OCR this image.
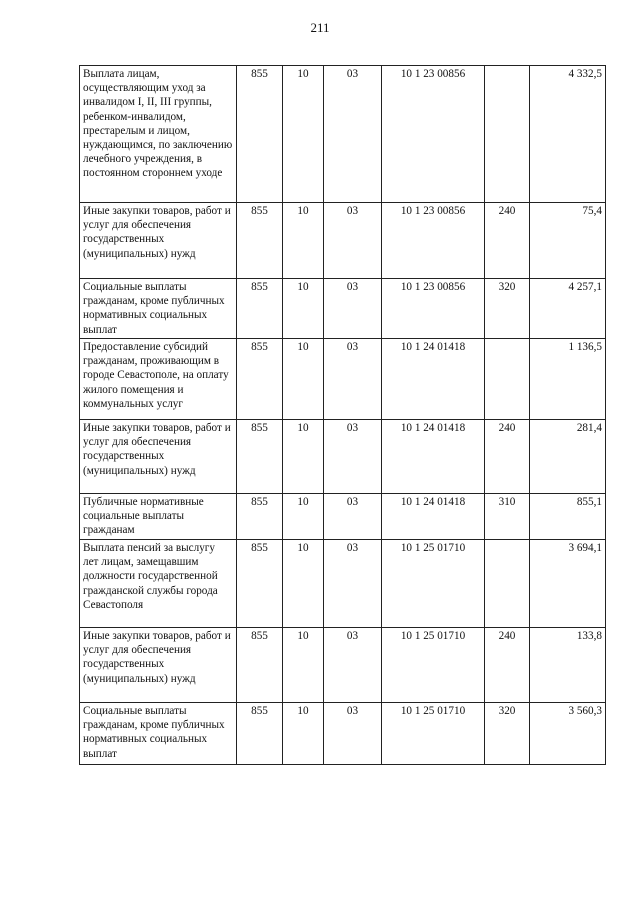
211
Выплата лицам, осуществляющим уход за инвалидом I, II, III группы, ребенком-инвалидом, престарелым и лицом, нуждающимся, по заключению лечебного учреждения, в постоянном стороннем уходе	855	10	03	10 1 23 00856		4 332,5
Иные закупки товаров, работ и услуг для обеспечения государственных (муниципальных) нужд	855	10	03	10 1 23 00856	240	75,4
Социальные выплаты гражданам, кроме публичных нормативных социальных выплат	855	10	03	10 1 23 00856	320	4 257,1
Предоставление субсидий гражданам, проживающим в городе Севастополе, на оплату жилого помещения и коммунальных услуг	855	10	03	10 1 24 01418		1 136,5
Иные закупки товаров, работ и услуг для обеспечения государственных (муниципальных) нужд	855	10	03	10 1 24 01418	240	281,4
Публичные нормативные социальные выплаты гражданам	855	10	03	10 1 24 01418	310	855,1
Выплата пенсий за выслугу лет лицам, замещавшим должности государственной гражданской службы города Севастополя	855	10	03	10 1 25 01710		3 694,1
Иные закупки товаров, работ и услуг для обеспечения государственных (муниципальных) нужд	855	10	03	10 1 25 01710	240	133,8
Социальные выплаты гражданам, кроме публичных нормативных социальных выплат	855	10	03	10 1 25 01710	320	3 560,3
